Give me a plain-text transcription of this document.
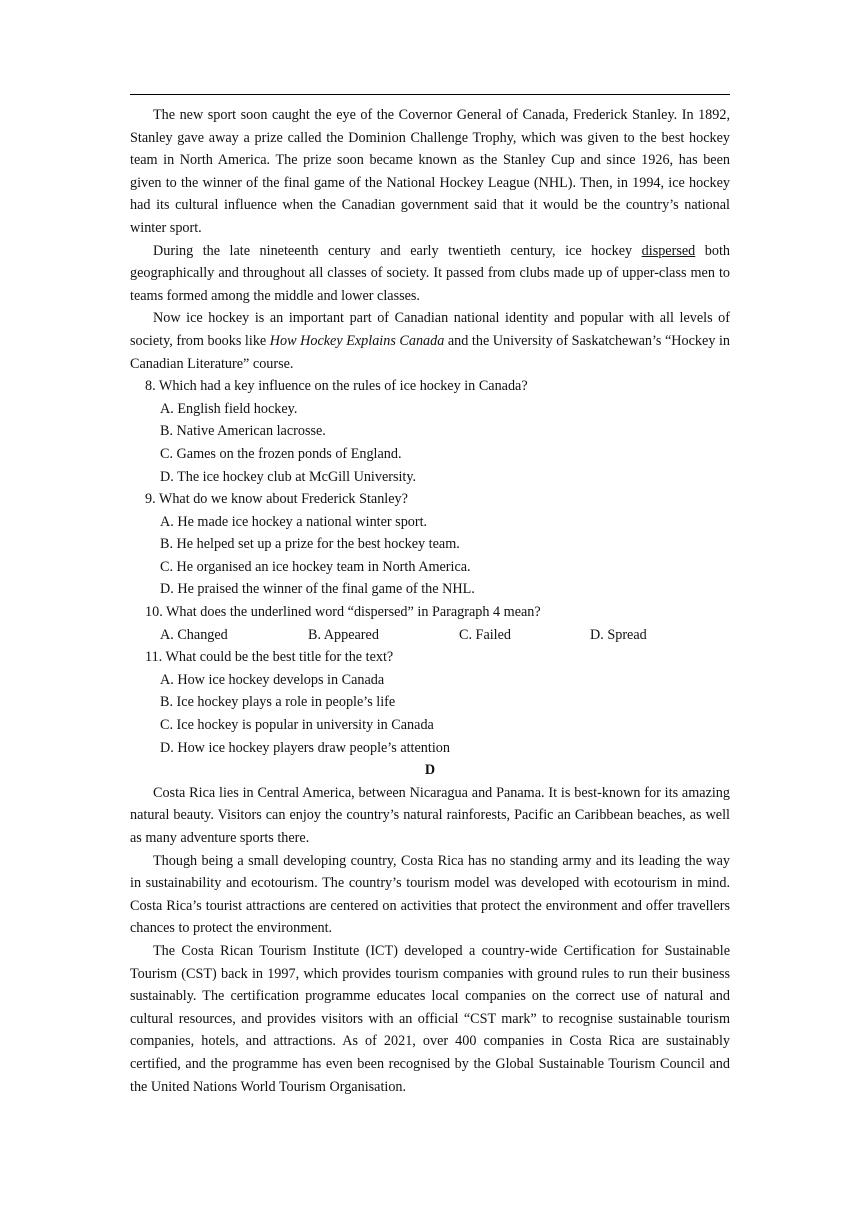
The new sport soon caught the eye of the Covernor General of Canada, Frederick Stanley. In 1892, Stanley gave away a prize called the Dominion Challenge Trophy, which was given to the best hockey team in North America. The prize soon became known as the Stanley Cup and since 1926, has been given to the winner of the final game of the National Hockey League (NHL). Then, in 1994, ice hockey had its cultural influence when the Canadian government said that it would be the country’s national winter sport.

During the late nineteenth century and early twentieth century, ice hockey dispersed both geographically and throughout all classes of society. It passed from clubs made up of upper-class men to teams formed among the middle and lower classes.

Now ice hockey is an important part of Canadian national identity and popular with all levels of society, from books like How Hockey Explains Canada and the University of Saskatchewan’s “Hockey in Canadian Literature” course.

8. Which had a key influence on the rules of ice hockey in Canada?

A. English field hockey.

B. Native American lacrosse.

C. Games on the frozen ponds of England.

D. The ice hockey club at McGill University.

9. What do we know about Frederick Stanley?

A. He made ice hockey a national winter sport.

B. He helped set up a prize for the best hockey team.

C. He organised an ice hockey team in North America.

D. He praised the winner of the final game of the NHL.

10. What does the underlined word “dispersed” in Paragraph 4 mean?

A. Changed	B. Appeared	C. Failed	D. Spread

11. What could be the best title for the text?

A. How ice hockey develops in Canada

B. Ice hockey plays a role in people’s life

C. Ice hockey is popular in university in Canada

D. How ice hockey players draw people’s attention

D

Costa Rica lies in Central America, between Nicaragua and Panama. It is best-known for its amazing natural beauty. Visitors can enjoy the country’s natural rainforests, Pacific an Caribbean beaches, as well as many adventure sports there.

Though being a small developing country, Costa Rica has no standing army and its leading the way in sustainability and ecotourism. The country’s tourism model was developed with ecotourism in mind. Costa Rica’s tourist attractions are centered on activities that protect the environment and offer travellers chances to protect the environment.

The Costa Rican Tourism Institute (ICT) developed a country-wide Certification for Sustainable Tourism (CST) back in 1997, which provides tourism companies with ground rules to run their business sustainably. The certification programme educates local companies on the correct use of natural and cultural resources, and provides visitors with an official “CST mark” to recognise sustainable tourism companies, hotels, and attractions. As of 2021, over 400 companies in Costa Rica are sustainably certified, and the programme has even been recognised by the Global Sustainable Tourism Council and the United Nations World Tourism Organisation.
